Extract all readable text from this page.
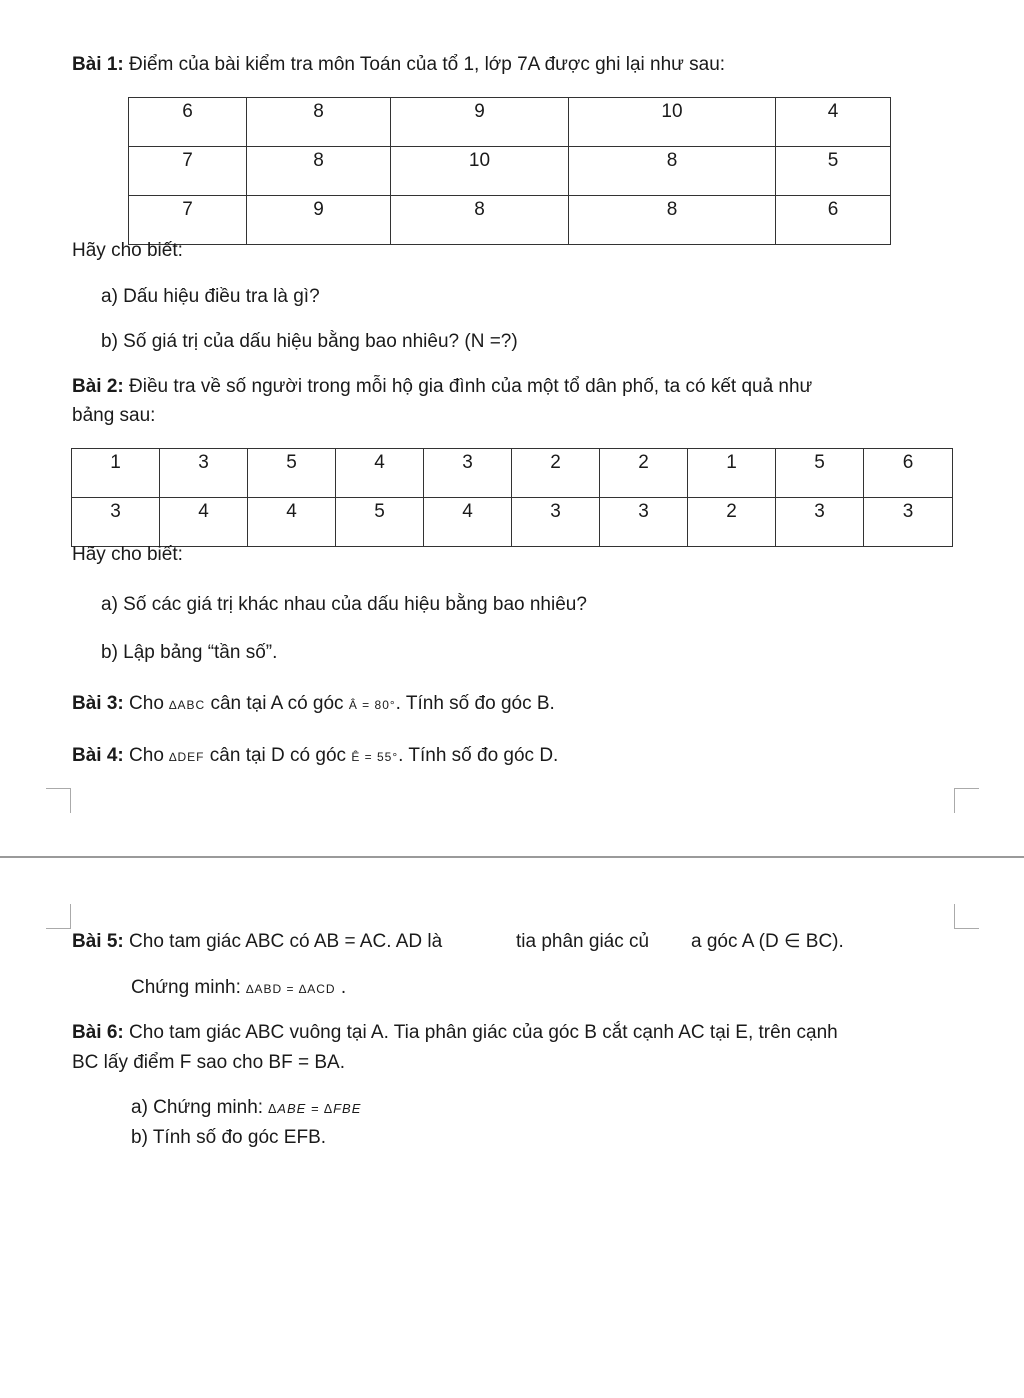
Bài 1: Điểm của bài kiểm tra môn Toán của tổ 1, lớp 7A được ghi lại như sau:
6	8	9	10	4
7	8	10	8	5
7	9	8	8	6
Hãy cho biết:
a) Dấu hiệu điều tra là gì?
b) Số giá trị của dấu hiệu bằng bao nhiêu? (N =?)
Bài 2: Điều tra về số người trong mỗi hộ gia đình của một tổ dân phố, ta có kết quả như
bảng sau:
1	3	5	4	3	2	2	1	5	6
3	4	4	5	4	3	3	2	3	3
Hãy cho biết:
a) Số các giá trị khác nhau của dấu hiệu bằng bao nhiêu?
b) Lập bảng “tần số”.
Bài 3: Cho ∆ABC cân tại A có góc Â = 80°. Tính số đo góc B.
Bài 4: Cho ∆DEF cân tại D có góc Ê = 55°. Tính số đo góc D.
Bài 5: Cho tam giác ABC có AB = AC. AD là	tia phân giác củ a góc A (D ∈ BC).
Chứng minh: ∆ABD = ∆ACD .
Bài 6: Cho tam giác ABC vuông tại A. Tia phân giác của góc B cắt cạnh AC tại E, trên cạnh
BC lấy điểm F sao cho BF = BA.
a) Chứng minh: ∆ABE = ∆FBE
b) Tính số đo góc EFB.
